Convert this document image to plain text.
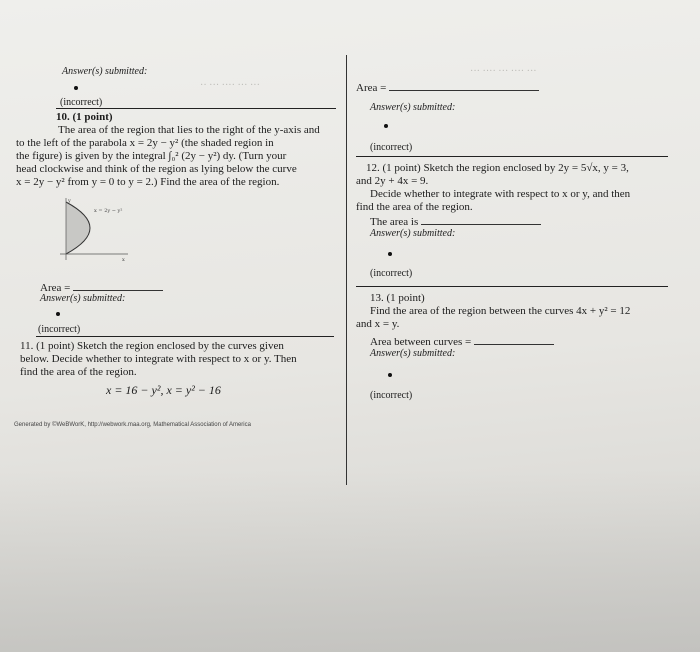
·· ··· ···· ··· ···
··· ···· ··· ···· ···
Answer(s) submitted:
(incorrect)
10. (1 point)
The area of the region that lies to the right of the y-axis and
to the left of the parabola x = 2y − y² (the shaded region in
the figure) is given by the integral ∫₀² (2y − y²) dy. (Turn your
head clockwise and think of the region as lying below the curve
x = 2y − y² from y = 0 to y = 2.) Find the area of the region.
x = 2y − y²
y
x
Area =
Answer(s) submitted:
(incorrect)
11. (1 point) Sketch the region enclosed by the curves given
below. Decide whether to integrate with respect to x or y. Then
find the area of the region.
x = 16 − y², x = y² − 16
Generated by ©WeBWorK, http://webwork.maa.org, Mathematical Association of America
Area =
Answer(s) submitted:
(incorrect)
12. (1 point) Sketch the region enclosed by 2y = 5√x, y = 3,
and 2y + 4x = 9.
Decide whether to integrate with respect to x or y, and then
find the area of the region.
The area is
Answer(s) submitted:
(incorrect)
13. (1 point)
Find the area of the region between the curves 4x + y² = 12
and x = y.
Area between curves =
Answer(s) submitted:
(incorrect)
